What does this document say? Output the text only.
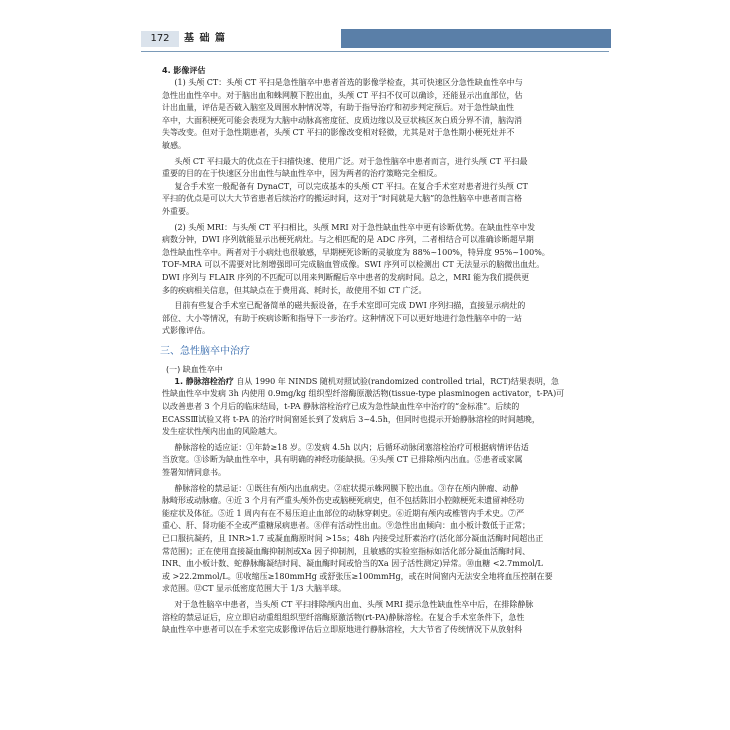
172	基 础 篇
4. 影像评估
(1) 头颅 CT：头颅 CT 平扫是急性脑卒中患者首选的影像学检查，其可快速区分急性缺血性卒中与
急性出血性卒中。对于脑出血和蛛网膜下腔出血，头颅 CT 平扫不仅可以确诊，还能显示出血部位，估
计出血量，评估是否破入脑室及周围水肿情况等，有助于指导治疗和初步判定预后。对于急性缺血性
卒中，大面积梗死可能会表现为大脑中动脉高密度征、皮质边缘以及豆状核区灰白质分界不清，脑沟消
失等改变。但对于急性期患者，头颅 CT 平扫的影像改变相对轻微，尤其是对于急性期小梗死灶并不
敏感。
头颅 CT 平扫最大的优点在于扫描快速、使用广泛。对于急性脑卒中患者而言，进行头颅 CT 平扫最
重要的目的在于快速区分出血性与缺血性卒中，因为两者的治疗策略完全相反。
复合手术室一般配备有 DynaCT，可以完成基本的头颅 CT 平扫。在复合手术室对患者进行头颅 CT
平扫的优点是可以大大节省患者后续治疗的搬运时间，这对于“时间就是大脑”的急性脑卒中患者而言格
外重要。
(2) 头颅 MRI：与头颅 CT 平扫相比，头颅 MRI 对于急性缺血性卒中更有诊断优势。在缺血性卒中发
病数分钟，DWI 序列就能显示出梗死病灶。与之相匹配的是 ADC 序列，二者相结合可以准确诊断超早期
急性缺血性卒中。两者对于小病灶也很敏感，早期梗死诊断的灵敏度为 88%~100%，特异度 95%~100%。
TOF-MRA 可以不需要对比剂增强即可完成脑血管成像。SWI 序列可以检测出 CT 无法显示的脑微出血灶。
DWI 序列与 FLAIR 序列的不匹配可以用来判断醒后卒中患者的发病时间。总之，MRI 能为我们提供更
多的疾病相关信息，但其缺点在于费用高、耗时长，故使用不如 CT 广泛。
目前有些复合手术室已配备简单的磁共振设备，在手术室即可完成 DWI 序列扫描，直接显示病灶的
部位、大小等情况，有助于疾病诊断和指导下一步治疗。这种情况下可以更好地进行急性脑卒中的一站
式影像评估。
三、急性脑卒中治疗
(一) 缺血性卒中
1. 静脉溶栓治疗 自从 1990 年 NINDS 随机对照试验(randomized controlled trial，RCT)结果表明，急
性缺血性卒中发病 3h 内使用 0.9mg/kg 组织型纤溶酶原激活物(tissue-type plasminogen activator，t-PA)可
以改善患者 3 个月后的临床结局，t-PA 静脉溶栓治疗已成为急性缺血性卒中治疗的“金标准”。后续的
ECASSⅢ试验又将 t-PA 的治疗时间窗延长到了发病后 3~4.5h，但同时也提示开始静脉溶栓的时间越晚，
发生症状性颅内出血的风险越大。
静脉溶栓的适应证：①年龄≥18 岁。②发病 4.5h 以内；后循环动脉闭塞溶栓治疗可根据病情评估适
当放宽。③诊断为缺血性卒中，具有明确的神经功能缺损。④头颅 CT 已排除颅内出血。⑤患者或家属
签署知情同意书。
静脉溶栓的禁忌证：①既往有颅内出血病史。②症状提示蛛网膜下腔出血。③存在颅内肿瘤、动静
脉畸形或动脉瘤。④近 3 个月有严重头颅外伤史或脑梗死病史，但不包括陈旧小腔隙梗死未遗留神经功
能症状及体征。⑤近 1 周内有在不易压迫止血部位的动脉穿刺史。⑥近期有颅内或椎管内手术史。⑦严
重心、肝、肾功能不全或严重糖尿病患者。⑧伴有活动性出血。⑨急性出血倾向：血小板计数低于正常；
已口服抗凝药，且 INR>1.7 或凝血酶原时间 >15s；48h 内接受过肝素治疗(活化部分凝血活酶时间超出正
常范围)；正在使用直接凝血酶抑制剂或Ⅹa 因子抑制剂，且敏感的实验室指标如活化部分凝血活酶时间、
INR、血小板计数、蛇静脉酶凝结时间、凝血酶时间或恰当的Ⅹa 因子活性测定)异常。⑩血糖 <2.7mmol/L
或 >22.2mmol/L。⑪收缩压≥180mmHg 或舒张压≥100mmHg，或在时间窗内无法安全地将血压控制在要
求范围。⑫CT 显示低密度范围大于 1/3 大脑半球。
对于急性脑卒中患者，当头颅 CT 平扫排除颅内出血、头颅 MRI 提示急性缺血性卒中后，在排除静脉
溶栓的禁忌证后，应立即启动重组组织型纤溶酶原激活物(rt-PA)静脉溶栓。在复合手术室条件下，急性
缺血性卒中患者可以在手术室完成影像评估后立即原地进行静脉溶栓，大大节省了传统情况下从放射科
